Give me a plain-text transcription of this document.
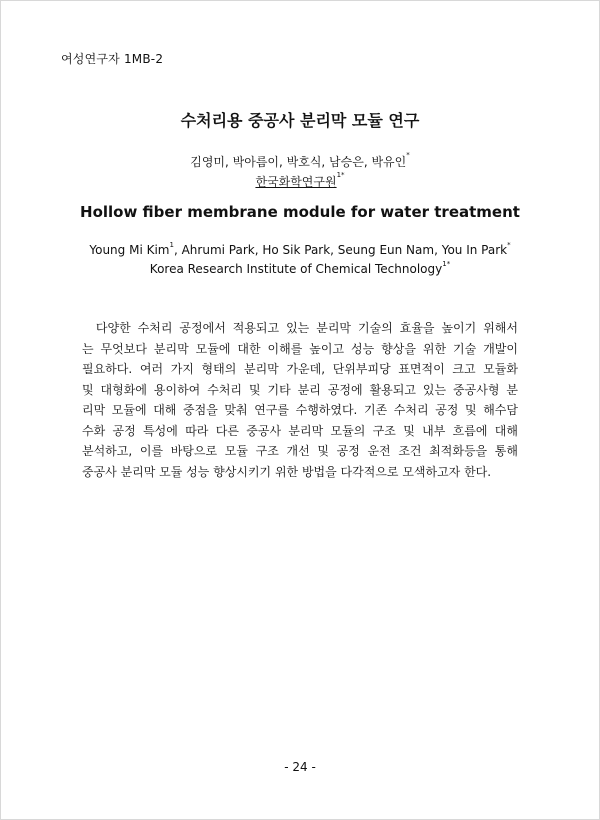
여성연구자 1MB-2
수처리용 중공사 분리막 모듈 연구
김영미, 박아름이, 박호식, 남승은, 박유인*
한국화학연구원$^{1*}$
Hollow fiber membrane module for water treatment
Young Mi Kim$^1$, Ahrumi Park, Ho Sik Park, Seung Eun Nam, You In Park*
Korea Research Institute of Chemical Technology$^{1*}$
다양한 수처리 공정에서 적용되고 있는 분리막 기술의 효율을 높이기 위해서
는 무엇보다 분리막 모듈에 대한 이해를 높이고 성능 향상을 위한 기술 개발이
필요하다. 여러 가지 형태의 분리막 가운데, 단위부피당 표면적이 크고 모듈화
및 대형화에 용이하여 수처리 및 기타 분리 공정에 활용되고 있는 중공사형 분
리막 모듈에 대해 중점을 맞춰 연구를 수행하였다. 기존 수처리 공정 및 해수담
수화 공정 특성에 따라 다른 중공사 분리막 모듈의 구조 및 내부 흐름에 대해
분석하고, 이를 바탕으로 모듈 구조 개선 및 공정 운전 조건 최적화등을 통해
중공사 분리막 모듈 성능 향상시키기 위한 방법을 다각적으로 모색하고자 한다.
- 24 -
